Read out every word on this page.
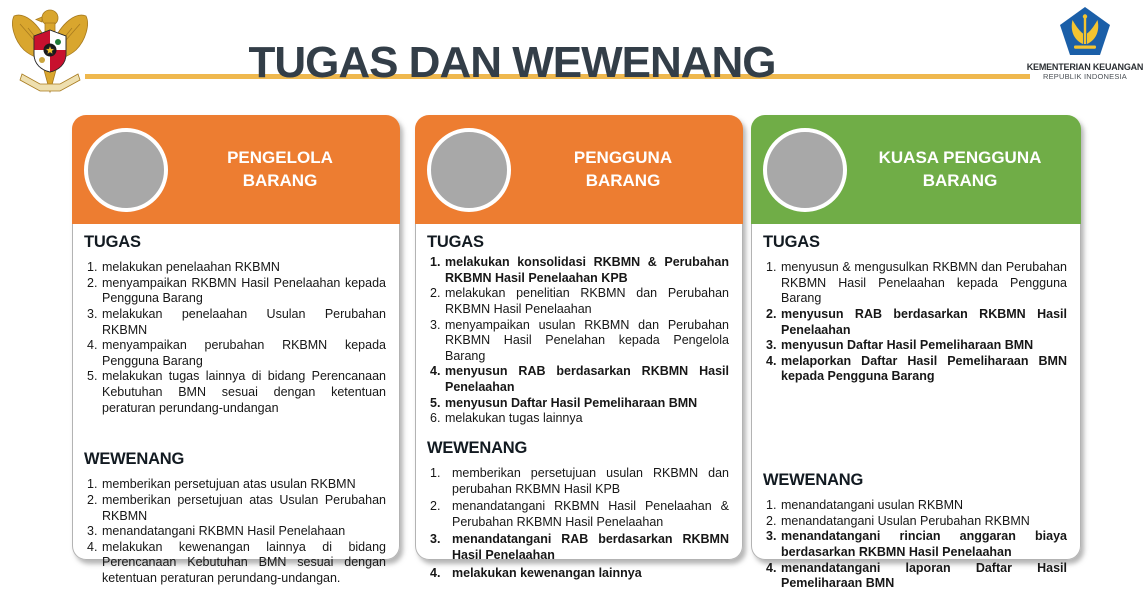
TUGAS DAN WEWENANG	KEMENTERIAN KEUANGAN
REPUBLIK INDONESIA
PENGELOLA BARANG
TUGAS
melakukan penelaahan RKBMN
menyampaikan RKBMN Hasil Penelaahan kepada Pengguna Barang
melakukan penelaahan Usulan Perubahan RKBMN
menyampaikan perubahan RKBMN kepada Pengguna Barang
melakukan tugas lainnya di bidang Perencanaan Kebutuhan BMN sesuai dengan ketentuan peraturan perundang-undangan
WEWENANG
memberikan persetujuan atas usulan RKBMN
memberikan persetujuan atas Usulan Perubahan RKBMN
menandatangani RKBMN Hasil Penelahaan
melakukan kewenangan lainnya di bidang Perencanaan Kebutuhan BMN sesuai dengan ketentuan peraturan perundang-undangan.
PENGGUNA BARANG
TUGAS
melakukan konsolidasi RKBMN & Perubahan RKBMN Hasil Penelaahan KPB
melakukan penelitian RKBMN dan Perubahan RKBMN Hasil Penelaahan
menyampaikan usulan RKBMN dan Perubahan RKBMN Hasil Penelahan kepada Pengelola Barang
menyusun RAB berdasarkan RKBMN Hasil Penelaahan
menyusun Daftar Hasil Pemeliharaan BMN
melakukan tugas lainnya
WEWENANG
memberikan persetujuan usulan RKBMN dan perubahan RKBMN Hasil KPB
menandatangani RKBMN Hasil Penelaahan & Perubahan RKBMN Hasil Penelaahan
menandatangani RAB berdasarkan RKBMN Hasil Penelaahan
melakukan kewenangan lainnya
KUASA PENGGUNA BARANG
TUGAS
menyusun & mengusulkan RKBMN dan Perubahan RKBMN Hasil Penelaahan kepada Pengguna Barang
menyusun RAB berdasarkan RKBMN Hasil Penelaahan
menyusun Daftar Hasil Pemeliharaan BMN
melaporkan Daftar Hasil Pemeliharaan BMN kepada Pengguna Barang
WEWENANG
menandatangani usulan RKBMN
menandatangani Usulan Perubahan RKBMN
menandatangani rincian anggaran biaya berdasarkan RKBMN Hasil Penelaahan
menandatangani laporan Daftar Hasil Pemeliharaan BMN
